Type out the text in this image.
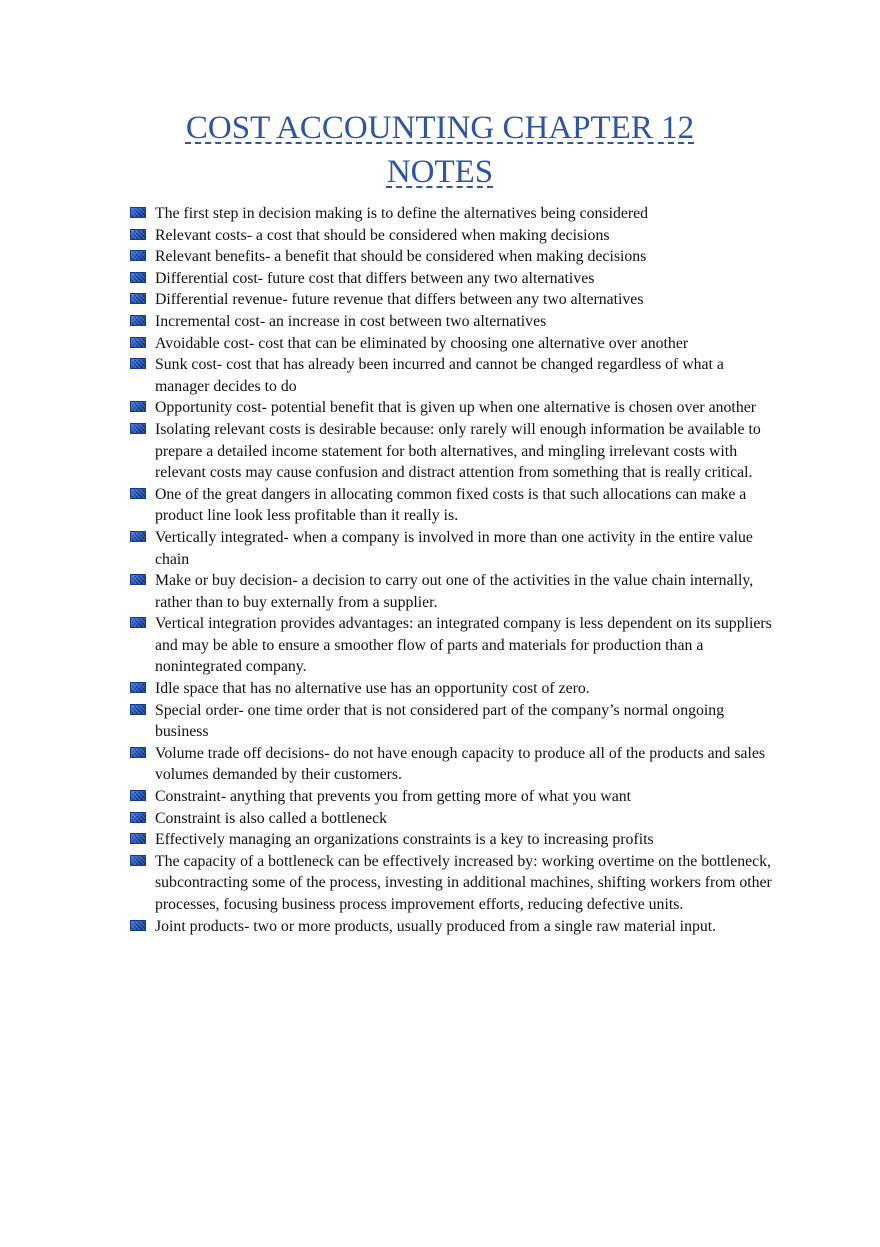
COST ACCOUNTING CHAPTER 12
NOTES
The first step in decision making is to define the alternatives being considered
Relevant costs- a cost that should be considered when making decisions
Relevant benefits- a benefit that should be considered when making decisions
Differential cost- future cost that differs between any two alternatives
Differential revenue- future revenue that differs between any two alternatives
Incremental cost- an increase in cost between two alternatives
Avoidable cost- cost that can be eliminated by choosing one alternative over another
Sunk cost- cost that has already been incurred and cannot be changed regardless of what a manager decides to do
Opportunity cost- potential benefit that is given up when one alternative is chosen over another
Isolating relevant costs is desirable because: only rarely will enough information be available to prepare a detailed income statement for both alternatives, and mingling irrelevant costs with relevant costs may cause confusion and distract attention from something that is really critical.
One of the great dangers in allocating common fixed costs is that such allocations can make a product line look less profitable than it really is.
Vertically integrated- when a company is involved in more than one activity in the entire value chain
Make or buy decision- a decision to carry out one of the activities in the value chain internally, rather than to buy externally from a supplier.
Vertical integration provides advantages: an integrated company is less dependent on its suppliers and may be able to ensure a smoother flow of parts and materials for production than a nonintegrated company.
Idle space that has no alternative use has an opportunity cost of zero.
Special order- one time order that is not considered part of the company’s normal ongoing business
Volume trade off decisions- do not have enough capacity to produce all of the products and sales volumes demanded by their customers.
Constraint- anything that prevents you from getting more of what you want
Constraint is also called a bottleneck
Effectively managing an organizations constraints is a key to increasing profits
The capacity of a bottleneck can be effectively increased by: working overtime on the bottleneck, subcontracting some of the process, investing in additional machines, shifting workers from other processes, focusing business process improvement efforts, reducing defective units.
Joint products- two or more products, usually produced from a single raw material input.
